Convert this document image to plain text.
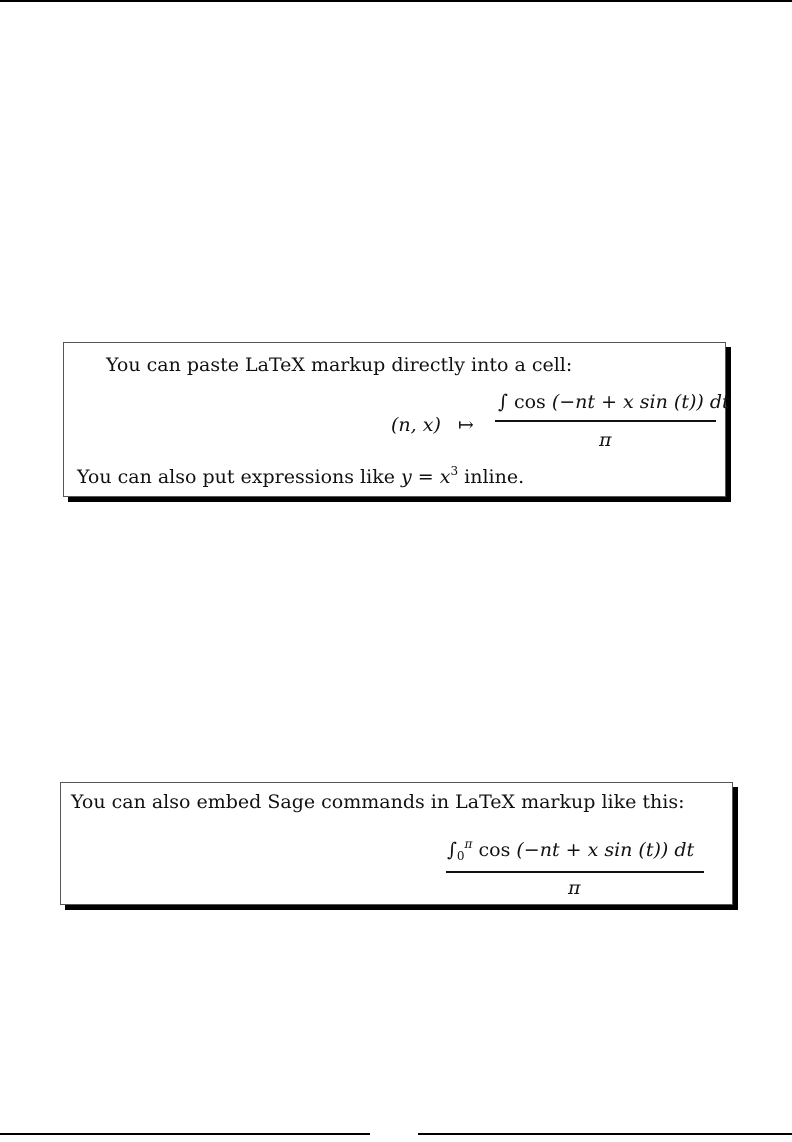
You can paste LaTeX markup directly into a cell:
(n, x) ↦
∫ cos (−nt + x sin (t)) dt
π
You can also put expressions like $y = x^3$ inline.
You can also embed Sage commands in LaTeX markup like this:
$\int_0^\pi$ cos (−nt + x sin (t)) dt
π
